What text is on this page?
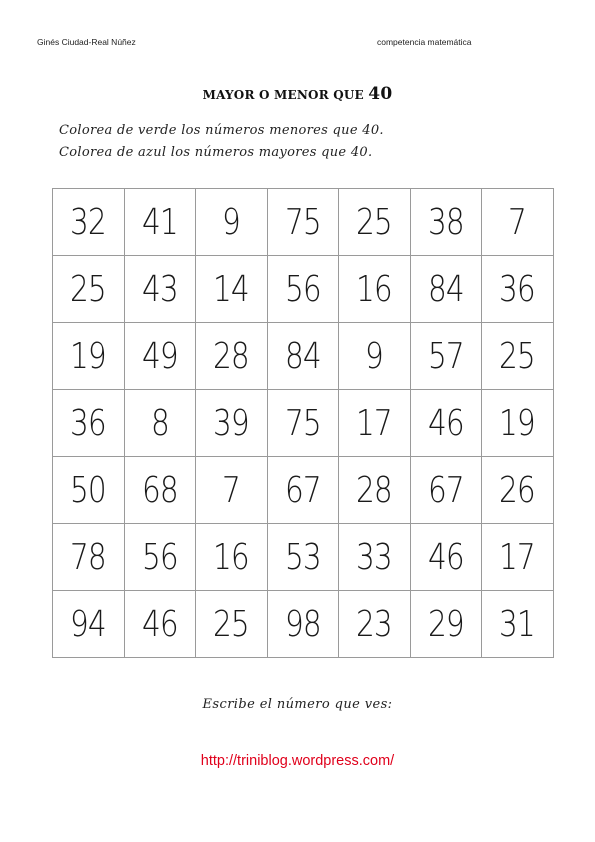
Ginés Ciudad-Real Núñez	competencia matemática
MAYOR O MENOR QUE 40
Colorea de verde los números menores que 40.
Colorea de azul los números mayores que 40.
32	41	9	75	25	38	7
25	43	14	56	16	84	36
19	49	28	84	9	57	25
36	8	39	75	17	46	19
50	68	7	67	28	67	26
78	56	16	53	33	46	17
94	46	25	98	23	29	31
Escribe el número que ves:
http://triniblog.wordpress.com/
